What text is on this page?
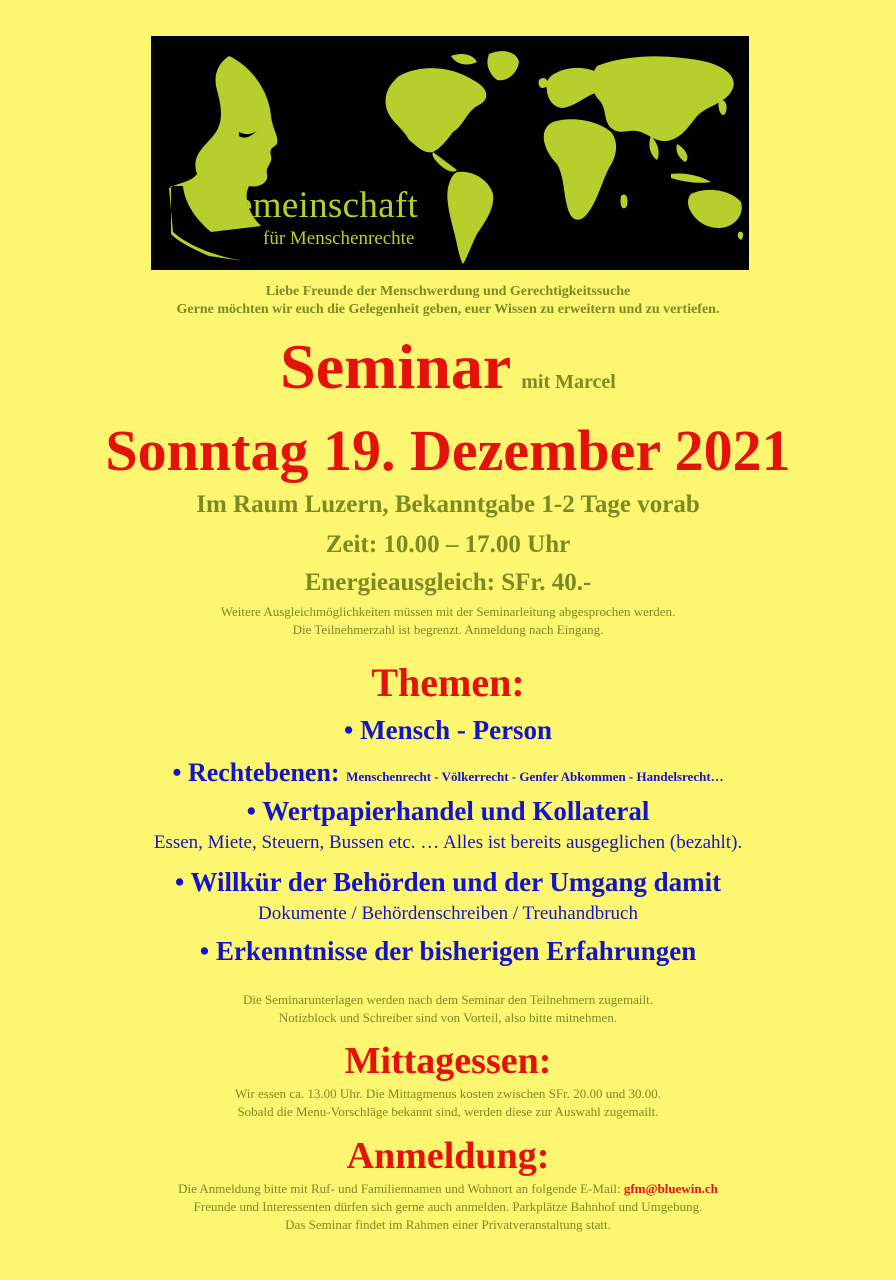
Gemeinschaft
für Menschenrechte
Liebe Freunde der Menschwerdung und Gerechtigkeitssuche
Gerne möchten wir euch die Gelegenheit geben, euer Wissen zu erweitern und zu vertiefen.
Seminar mit Marcel
Sonntag 19. Dezember 2021
Im Raum Luzern, Bekanntgabe 1-2 Tage vorab
Zeit: 10.00 – 17.00 Uhr
Energieausgleich: SFr. 40.-
Weitere Ausgleichmöglichkeiten müssen mit der Seminarleitung abgesprochen werden.
Die Teilnehmerzahl ist begrenzt. Anmeldung nach Eingang.
Themen:
• Mensch - Person
• Rechtebenen: Menschenrecht - Völkerrecht - Genfer Abkommen - Handelsrecht…
• Wertpapierhandel und Kollateral
Essen, Miete, Steuern, Bussen etc. … Alles ist bereits ausgeglichen (bezahlt).
• Willkür der Behörden und der Umgang damit
Dokumente / Behördenschreiben / Treuhandbruch
• Erkenntnisse der bisherigen Erfahrungen
Die Seminarunterlagen werden nach dem Seminar den Teilnehmern zugemailt.
Notizblock und Schreiber sind von Vorteil, also bitte mitnehmen.
Mittagessen:
Wir essen ca. 13.00 Uhr. Die Mittagmenus kosten zwischen SFr. 20.00 und 30.00.
Sobald die Menu-Vorschläge bekannt sind, werden diese zur Auswahl zugemailt.
Anmeldung:
Die Anmeldung bitte mit Ruf- und Familiennamen und Wohnort an folgende E-Mail: gfm@bluewin.ch
Freunde und Interessenten dürfen sich gerne auch anmelden. Parkplätze Bahnhof und Umgebung.
Das Seminar findet im Rahmen einer Privatveranstaltung statt.
